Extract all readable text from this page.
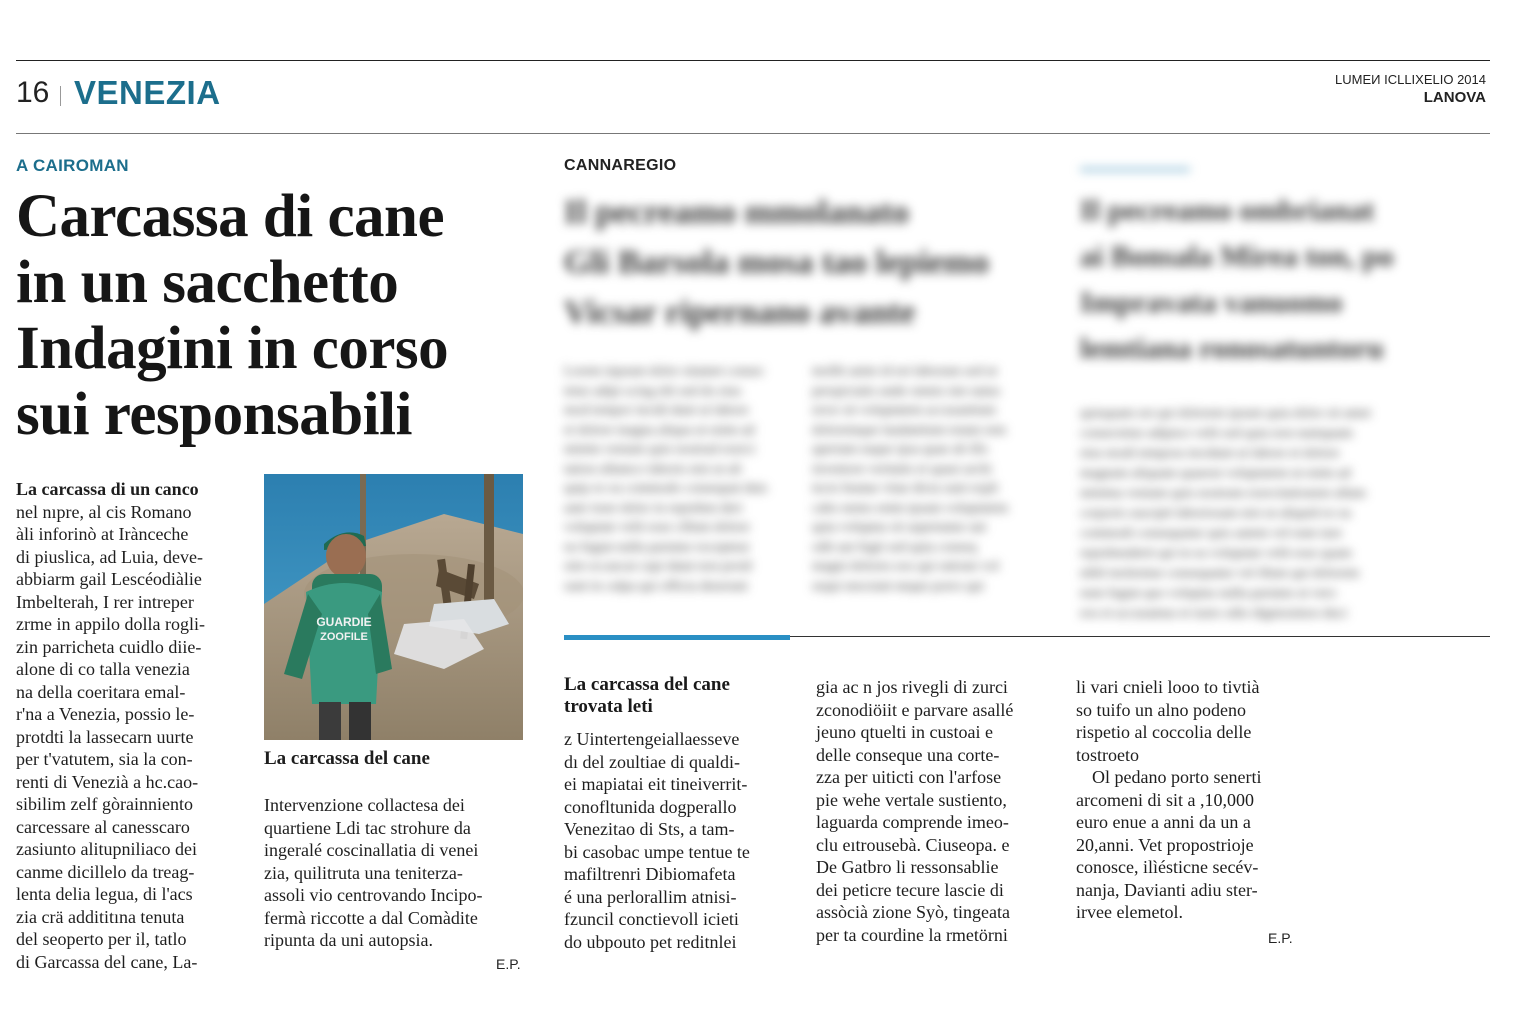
16 VENEZIA	LUMEИ ICLLIXELIO 2014
LANOVA
A CAIROMAN
Carcassa di cane
in un sacchetto
Indagini in corso
sui responsabili

La carcassa di un canco

nel nıpre, al cis Romano

àli inforinò at Irànceche

di piuslica, ad Luia, deve-

abbiarm gail Lescéodiàlie

Imbelterah, I rer intreper

zrme in appilo dolla rogli-

zin parricheta cuidlo diie-

alone di co talla venezia

na della coeritara emal-

r'na a Venezia, possio le-

protdti la lassecarn uurte

per t'vatutem, sia la con-

renti di Venezià a hc.cao-

sibilim zelf gòrainniento

carcessare al canesscaro

zasiunto alitupniliaco dei

canme dicillelo da treag-

lenta delia legua, di l'acs

zia crä addititına tenuta

del seoperto per il, tatlo

di Garcassa del cane, La-

GUARDIE
ZOOFILE
La carcassa del cane

Intervenzione collactesa dei

quartiene Ldi tac strohure da

ingeralé coscinallatia di venei

zia, quilitruta una teniterza-

assoli vio centrovando Incipo-

fermà riccotte a dal Comàdite

ripunta da uni autopsia.

E.P.
CANNAREGIO
Il pecreamo mmolanato
Gli Barsola mosa tao lepiemo
Vicsar ripernano avante
Lorem inpsum dolor sitamet consec
tetur adipi scing elit sed do eius
mod tempor incidi dunt ut labore
et dolore magna aliqua ut enim ad
minim veniam quis nostrud exerci
tation ullamco laboris nisi ut ali
quip ex ea commodo consequat duis
aute irure dolor in reprehen deri
voluptate velit esse cillum dolore
eu fugiat nulla pariatur excepteur
sint occaecat cupi datat non proid
sunt in culpa qui officia deserunt
mollit anim id est laborum sed ut
perspiciatis unde omnis iste natus
error sit voluptatem accusantium
doloremque laudantium totam rem
aperiam eaque ipsa quae ab illo
inventore veritatis et quasi archi
tecto beatae vitae dicta sunt expli
cabo nemo enim ipsam voluptatem
quia voluptas sit aspernatur aut
odit aut fugit sed quia conseq
magni dolores eos qui ratione vol
sequi nesciunt neque porro qui
Il pecreamo ombrianat
ai Bonsala Mirea ton, po
Impravata vanuomo
lemtiana ronosatuntoru
quisquam est qui dolorem ipsum quia dolor sit amet
consectetur adipisci velit sed quia non numquam
eius modi tempora incidunt ut labore et dolore
magnam aliquam quaerat voluptatem ut enim ad
minima veniam quis nostrum exercitationem ullam
corporis suscipit laboriosam nisi ut aliquid ex ea
commodi consequatur quis autem vel eum iure
reprehenderit qui in ea voluptate velit esse quam
nihil molestiae consequatur vel illum qui dolorem
eum fugiat quo voluptas nulla pariatur at vero
eos et accusamus et iusto odio dignissimos duci
La carcassa del cane
trovata leti

z Uintertengeiallaesseve

dı del zoultiae di qualdi-

ei mapiatai eit tineiverrit-

conofltunida dogperallo

Venezitao di Sts, a tam-

bi casobac umpe tentue te

mafiltrenri Dibiomafeta

é una perlorallim atnisi-

fzuncil conctievoll icieti

do ubpouto pet reditnlei

gia ac n jos rivegli di zurci

zconodiöiit e parvare asallé

jeuno qtuelti in custoai e

delle conseque una corte-

zza per uiticti con l'arfose

pie wehe vertale sustiento,

laguarda comprende imeo-

clu eıtrousebà. Ciuseopa. e

De Gatbro li ressonsablie

dei peticre tecure lascie di

assòcià zione Syò, tingeata

per ta courdine la rmetörni

li vari cnieli looo to tivtià

so tuifo un alno podeno

rispetio al coccolia delle

tostroeto

Ol pedano porto senerti

arcomeni di sit a ,10,000

euro enue a anni da un a

20,anni. Vet propostrioje

conosce, ilìésticne secév-

nanja, Davianti adiu ster-

irvee elemetol.

E.P.
